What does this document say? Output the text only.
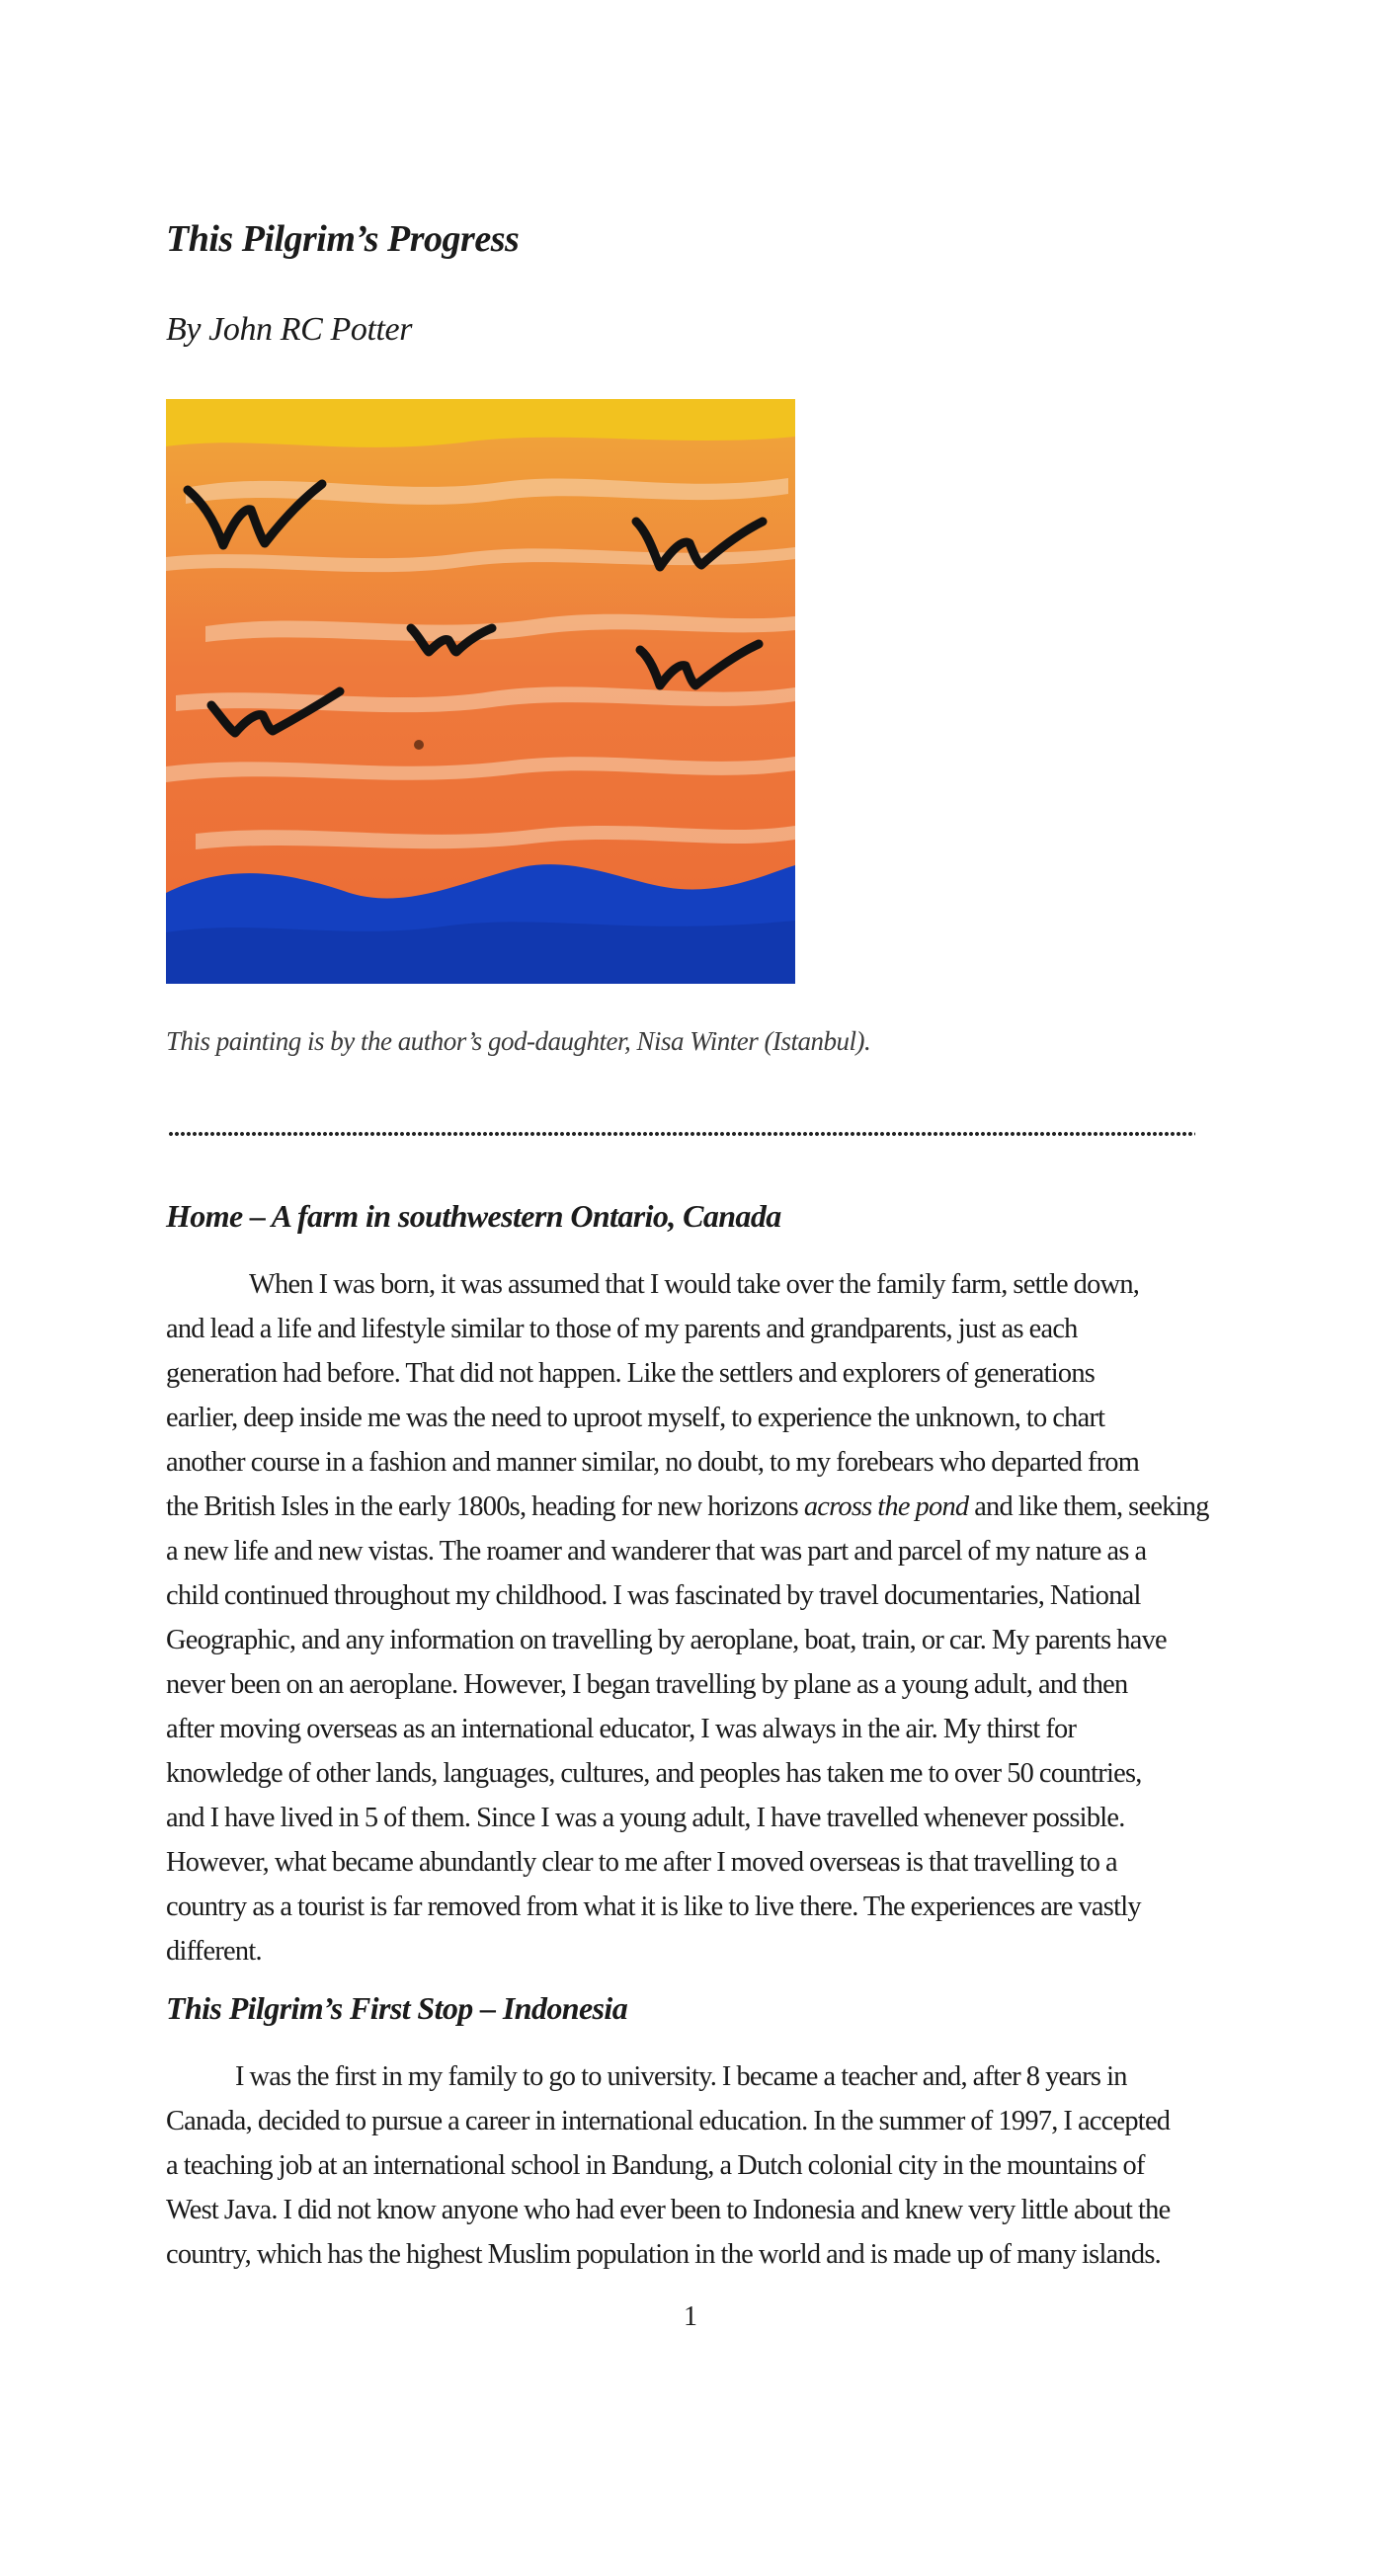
This Pilgrim’s Progress

By John RC Potter

This painting is by the author’s god-daughter, Nisa Winter (Istanbul).

Home – A farm in southwestern Ontario, Canada

When I was born, it was assumed that I would take over the family farm, settle down,
and lead a life and lifestyle similar to those of my parents and grandparents, just as each
generation had before. That did not happen. Like the settlers and explorers of generations
earlier, deep inside me was the need to uproot myself, to experience the unknown, to chart
another course in a fashion and manner similar, no doubt, to my forebears who departed from
the British Isles in the early 1800s, heading for new horizons across the pond and like them, seeking
a new life and new vistas. The roamer and wanderer that was part and parcel of my nature as a
child continued throughout my childhood. I was fascinated by travel documentaries, National
Geographic, and any information on travelling by aeroplane, boat, train, or car. My parents have
never been on an aeroplane. However, I began travelling by plane as a young adult, and then
after moving overseas as an international educator, I was always in the air. My thirst for
knowledge of other lands, languages, cultures, and peoples has taken me to over 50 countries,
and I have lived in 5 of them. Since I was a young adult, I have travelled whenever possible.
However, what became abundantly clear to me after I moved overseas is that travelling to a
country as a tourist is far removed from what it is like to live there. The experiences are vastly
different.

This Pilgrim’s First Stop – Indonesia

I was the first in my family to go to university. I became a teacher and, after 8 years in
Canada, decided to pursue a career in international education. In the summer of 1997, I accepted
a teaching job at an international school in Bandung, a Dutch colonial city in the mountains of
West Java. I did not know anyone who had ever been to Indonesia and knew very little about the
country, which has the highest Muslim population in the world and is made up of many islands.

1
